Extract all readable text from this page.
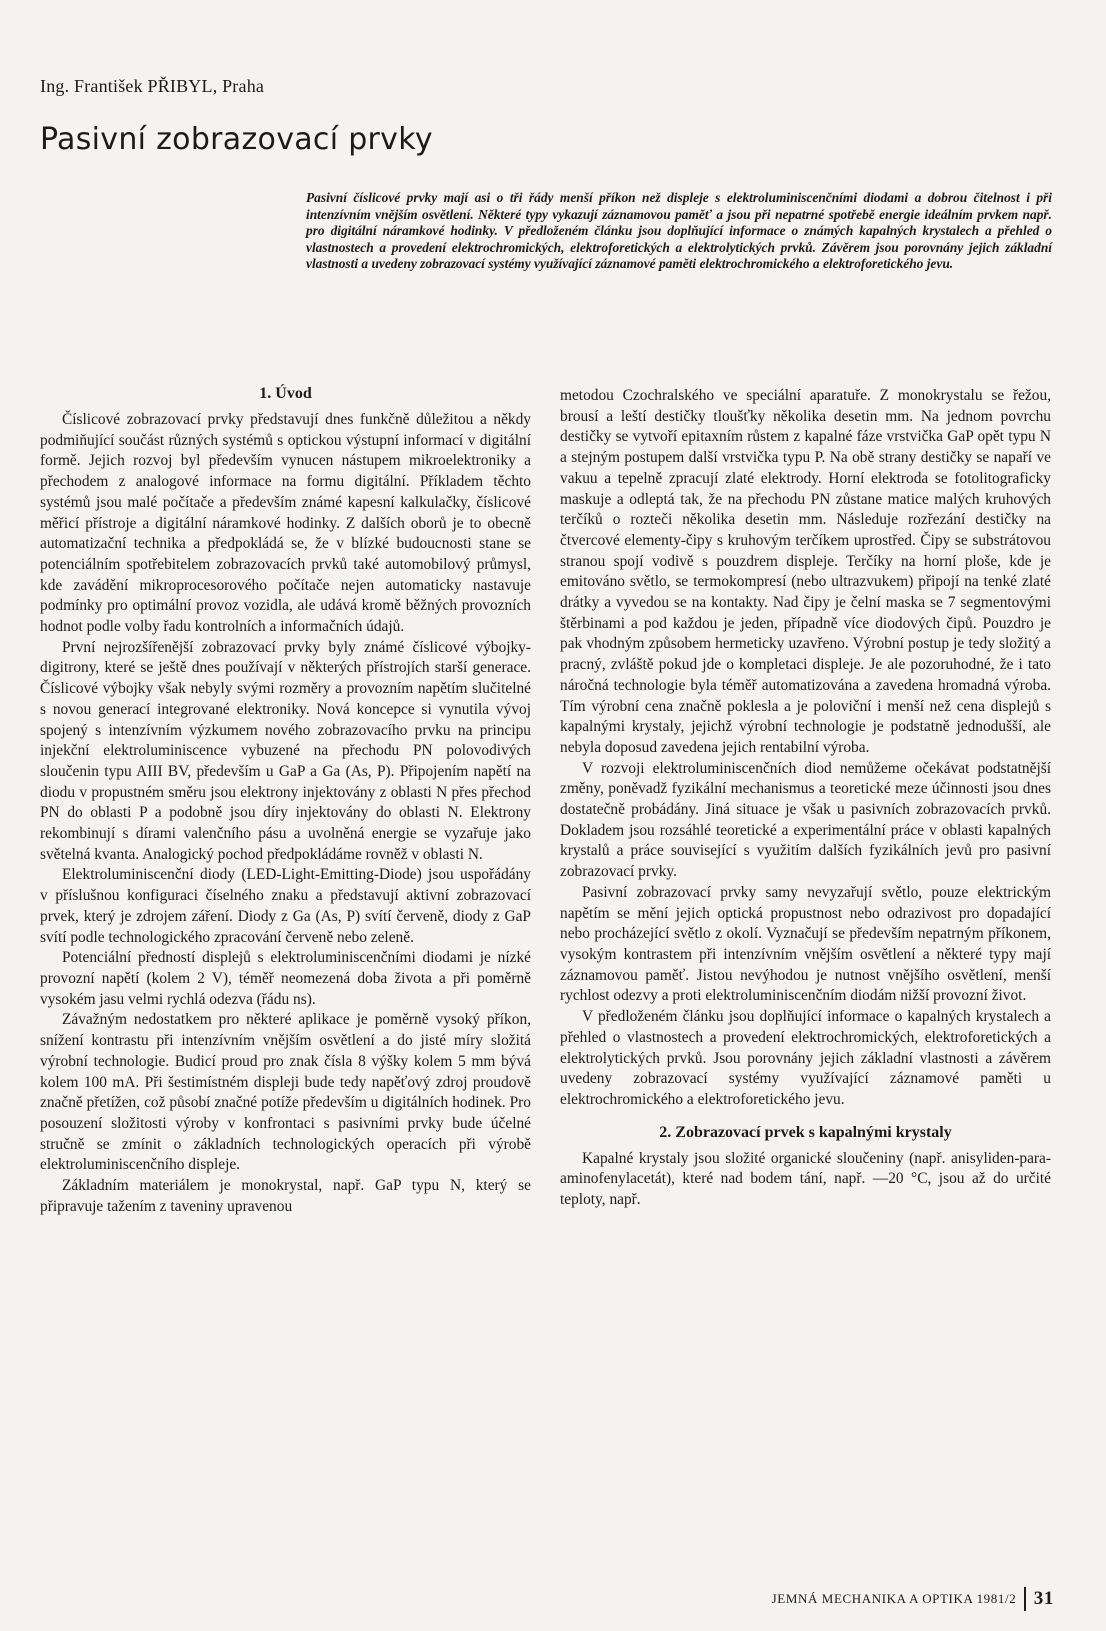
Ing. František PŘIBYL, Praha
Pasivní zobrazovací prvky

Pasivní číslicové prvky mají asi o tři řády menší příkon než displeje s elektroluminiscenčními diodami a dobrou čitelnost i při intenzívním vnějším osvětlení. Některé typy vykazují záznamovou paměť a jsou při nepatrné spotřebě energie ideálním prvkem např. pro digitální náramkové hodinky. V předloženém článku jsou doplňující informace o známých kapalných krystalech a přehled o vlastnostech a provedení elektrochromických, elektroforetických a elektrolytických prvků. Závěrem jsou porovnány jejich základní vlastnosti a uvedeny zobrazovací systémy využívající záznamové paměti elektrochromického a elektroforetického jevu.

1. Úvod

Číslicové zobrazovací prvky představují dnes funkčně důležitou a někdy podmiňující součást různých systémů s optickou výstupní informací v digitální formě. Jejich rozvoj byl především vynucen nástupem mikroelektroniky a přechodem z analogové informace na formu digitální. Příkladem těchto systémů jsou malé počítače a především známé kapesní kalkulačky, číslicové měřicí přístroje a digitální náramkové hodinky. Z dalších oborů je to obecně automatizační technika a předpokládá se, že v blízké budoucnosti stane se potenciálním spotřebitelem zobrazovacích prvků také automobilový průmysl, kde zavádění mikroprocesorového počítače nejen automaticky nastavuje podmínky pro optimální provoz vozidla, ale udává kromě běžných provozních hodnot podle volby řadu kontrolních a informačních údajů.

První nejrozšířenější zobrazovací prvky byly známé číslicové výbojky-digitrony, které se ještě dnes používají v některých přístrojích starší generace. Číslicové výbojky však nebyly svými rozměry a provozním napětím slučitelné s novou generací integrované elektroniky. Nová koncepce si vynutila vývoj spojený s intenzívním výzkumem nového zobrazovacího prvku na principu injekční elektroluminiscence vybuzené na přechodu PN polovodivých sloučenin typu AIII BV, především u GaP a Ga (As, P). Připojením napětí na diodu v propustném směru jsou elektrony injektovány z oblasti N přes přechod PN do oblasti P a podobně jsou díry injektovány do oblasti N. Elektrony rekombinují s dírami valenčního pásu a uvolněná energie se vyzařuje jako světelná kvanta. Analogický pochod předpokládáme rovněž v oblasti N.

Elektroluminiscenční diody (LED-Light-Emitting-Diode) jsou uspořádány v příslušnou konfiguraci číselného znaku a představují aktivní zobrazovací prvek, který je zdrojem záření. Diody z Ga (As, P) svítí červeně, diody z GaP svítí podle technologického zpracování červeně nebo zeleně.

Potenciální předností displejů s elektroluminiscenčními diodami je nízké provozní napětí (kolem 2 V), téměř neomezená doba života a při poměrně vysokém jasu velmi rychlá odezva (řádu ns).

Závažným nedostatkem pro některé aplikace je poměrně vysoký příkon, snížení kontrastu při intenzívním vnějším osvětlení a do jisté míry složitá výrobní technologie. Budicí proud pro znak čísla 8 výšky kolem 5 mm bývá kolem 100 mA. Při šestimístném displeji bude tedy napěťový zdroj proudově značně přetížen, což působí značné potíže především u digitálních hodinek. Pro posouzení složitosti výroby v konfrontaci s pasivními prvky bude účelné stručně se zmínit o základních technologických operacích při výrobě elektroluminiscenčního displeje.

Základním materiálem je monokrystal, např. GaP typu N, který se připravuje tažením z taveniny upravenou

metodou Czochralského ve speciální aparatuře. Z monokrystalu se řežou, brousí a leští destičky tloušťky několika desetin mm. Na jednom povrchu destičky se vytvoří epitaxním růstem z kapalné fáze vrstvička GaP opět typu N a stejným postupem další vrstvička typu P. Na obě strany destičky se napaří ve vakuu a tepelně zpracují zlaté elektrody. Horní elektroda se fotolitograficky maskuje a odleptá tak, že na přechodu PN zůstane matice malých kruhových terčíků o rozteči několika desetin mm. Následuje rozřezání destičky na čtvercové elementy-čipy s kruhovým terčíkem uprostřed. Čipy se substrátovou stranou spojí vodivě s pouzdrem displeje. Terčíky na horní ploše, kde je emitováno světlo, se termokompresí (nebo ultrazvukem) připojí na tenké zlaté drátky a vyvedou se na kontakty. Nad čipy je čelní maska se 7 segmentovými štěrbinami a pod každou je jeden, případně více diodových čipů. Pouzdro je pak vhodným způsobem hermeticky uzavřeno. Výrobní postup je tedy složitý a pracný, zvláště pokud jde o kompletaci displeje. Je ale pozoruhodné, že i tato náročná technologie byla téměř automatizována a zavedena hromadná výroba. Tím výrobní cena značně poklesla a je poloviční i menší než cena displejů s kapalnými krystaly, jejichž výrobní technologie je podstatně jednodušší, ale nebyla doposud zavedena jejich rentabilní výroba.

V rozvoji elektroluminiscenčních diod nemůžeme očekávat podstatnější změny, poněvadž fyzikální mechanismus a teoretické meze účinnosti jsou dnes dostatečně probádány. Jiná situace je však u pasivních zobrazovacích prvků. Dokladem jsou rozsáhlé teoretické a experimentální práce v oblasti kapalných krystalů a práce související s využitím dalších fyzikálních jevů pro pasivní zobrazovací prvky.

Pasivní zobrazovací prvky samy nevyzařují světlo, pouze elektrickým napětím se mění jejich optická propustnost nebo odrazivost pro dopadající nebo procházející světlo z okolí. Vyznačují se především nepatrným příkonem, vysokým kontrastem při intenzívním vnějším osvětlení a některé typy mají záznamovou paměť. Jistou nevýhodou je nutnost vnějšího osvětlení, menší rychlost odezvy a proti elektroluminiscenčním diodám nižší provozní život.

V předloženém článku jsou doplňující informace o kapalných krystalech a přehled o vlastnostech a provedení elektrochromických, elektroforetických a elektrolytických prvků. Jsou porovnány jejich základní vlastnosti a závěrem uvedeny zobrazovací systémy využívající záznamové paměti u elektrochromického a elektroforetického jevu.

2. Zobrazovací prvek s kapalnými krystaly

Kapalné krystaly jsou složité organické sloučeniny (např. anisyliden-para-aminofenylacetát), které nad bodem tání, např. —20 °C, jsou až do určité teploty, např.

JEMNÁ MECHANIKA A OPTIKA 1981/2 31
